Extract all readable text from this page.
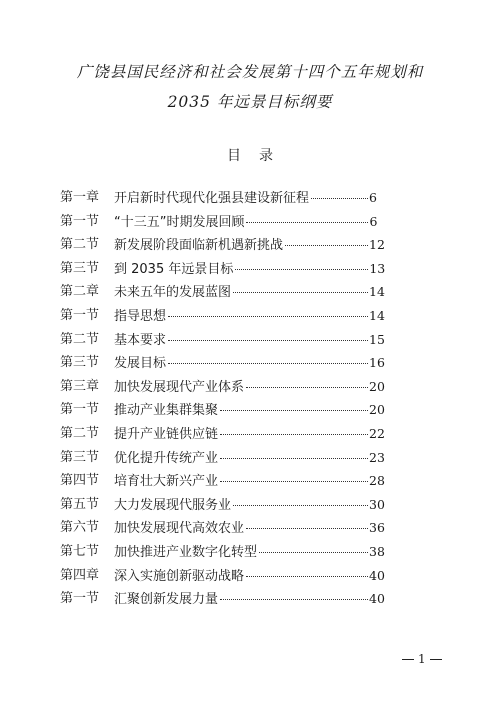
广饶县国民经济和社会发展第十四个五年规划和
2035 年远景目标纲要
目录
第一章 开启新时代现代化强县建设新征程	6
第一节 “十三五”时期发展回顾	6
第二节 新发展阶段面临新机遇新挑战	12
第三节 到 2035 年远景目标	13
第二章 未来五年的发展蓝图	14
第一节 指导思想	14
第二节 基本要求	15
第三节 发展目标	16
第三章 加快发展现代产业体系	20
第一节 推动产业集群集聚	20
第二节 提升产业链供应链	22
第三节 优化提升传统产业	23
第四节 培育壮大新兴产业	28
第五节 大力发展现代服务业	30
第六节 加快发展现代高效农业	36
第七节 加快推进产业数字化转型	38
第四章 深入实施创新驱动战略	40
第一节 汇聚创新发展力量	40
1
